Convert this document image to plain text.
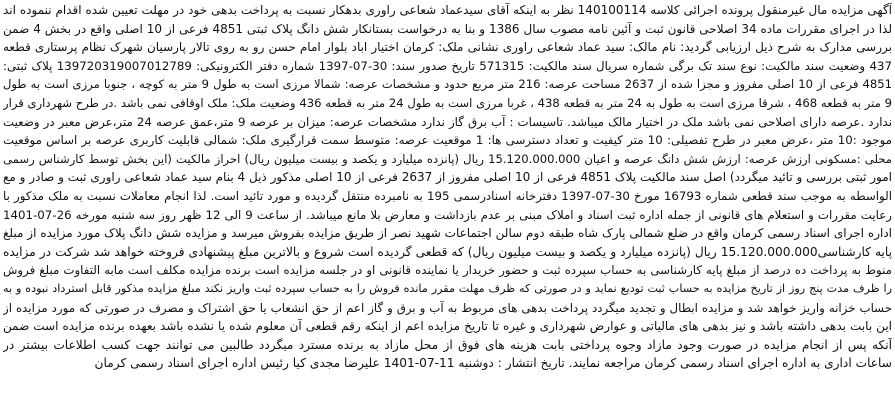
آگهی مزایده مال غیرمنقول پرونده اجرائی کلاسه 140100114 نظر به اینکه آقای سیدعماد شعاعی راوری بدهکار نسبت به پرداخت بدهی خود در مهلت تعیین شده اقدام ننموده اند
لذا در اجرای مقررات ماده 34 اصلاحی قانون ثبت و آئین نامه مصوب سال 1386 و بنا به درخواست بستانکار شش دانگ پلاک ثبتی 4851 فرعی از 10 اصلی واقع در بخش 4 ضمن
بررسی مدارک به شرح ذیل ارزیابی گردید: نام مالک: سید عماد شعاعی راوری نشانی ملک: کرمان اختیار اباد بلوار امام حسن رو به روی تالار پارسیان شهرک نظام پرستاری قطعه
437 وضعیت سند مالکیت: نوع سند تک برگی شماره سریال سند مالکیت: 571315 تاریخ صدور سند: 30-07-1397 شماره دفتر الکترونیکی: 139720319007012789 پلاک ثبتی:
4851 فرعی از 10 اصلی مفروز و مجزا شده از 2637 مساحت عرصه: 216 متر مربع حدود و مشخصات عرصه: شمالا مرزی است به طول 9 متر به کوچه ، جنوبا مرزی است به طول
9 متر به قطعه 468 ، شرقا مرزی است به طول به 24 متر به قطعه 438 ، غربا مرزی است به طول 24 متر به قطعه 436 وضعیت ملک: ملک اوقافی نمی باشد .در طرح شهرداری قرار
ندارد .عرصه دارای اصلاحی نمی باشد ملک در اختیار مالک میباشد. تاسیسات : آب برق گاز ندارد مشخصات عرصه: میزان بر عرصه 9 متر،عمق عرصه 24 متر،عرض معبر در وضعیت
موجود :10 متر ،عرض معبر در طرح تفصیلی: 10 متر کیفیت و تعداد دسترسی ها: 1 موقعیت عرصه: متوسط سمت قرارگیری ملک: شمالی قابلیت کاربری عرصه بر اساس موقعیت
محلی :مسکونی ارزش عرصه: ارزش شش دانگ عرصه و اعیان 15.120.000.000 ریال (پانزده میلیارد و یکصد و بیست میلیون ریال) احراز مالکیت (این بخش توسط کارشناس رسمی
امور ثبتی بررسی و تائید میگردد) اصل سند مالکیت پلاک 4851 فرعی از 10 اصلی مفروز از 2637 فرعی از 10 اصلی مذکور ذیل 4 بنام سید عماد شعاعی راوری ثبت و صادر و مع
الواسطه به موجب سند قطعی شماره 16793 مورخ 30-07-1397 دفترخانه اسنادرسمی 195 به نامبرده منتقل گردیده و مورد تائید است. لذا انجام معاملات نسبت به ملک مذکور با
رعایت مقررات و استعلام های قانونی از جمله اداره ثبت اسناد و املاک مبنی بر عدم بازداشت و معارض بلا مانع میباشد. از ساعت 9 الی 12 ظهر روز سه شنبه مورخه 26-07-1401
اداره اجرای اسناد رسمی کرمان واقع در ضلع شمالی پارک شاه طبقه دوم سالن اجتماعات شهید نصر از طریق مزایده بفروش میرسد و مزایده شش دانگ پلاک مورد مزایده از مبلغ
پایه کارشناسی15.120.000.000 ریال (پانزده میلیارد و یکصد و بیست میلیون ریال) که قطعی گردیده است شروع و بالاترین مبلغ پیشنهادی فروخته خواهد شد شرکت در مزایده
منوط به پرداخت ده درصد از مبلغ پایه کارشناسی به حساب سپرده ثبت و حضور خریدار یا نماینده قانونی او در جلسه مزایده است برنده مزایده مکلف است مابه التفاوت مبلغ فروش
را ظرف مدت پنج روز از تاریخ مزایده به حساب ثبت تودیع نماید و در صورتی که ظرف مهلت مقرر مانده فروش را به حساب سپرده ثبت واریز نکند مبلغ مزایده مذکور قابل استرداد نبوده و به
حساب خزانه واریز خواهد شد و مزایده ابطال و تجدید میگردد پرداخت بدهی های مربوط به آب و برق و گاز اعم از حق انشعاب یا حق اشتراک و مصرف در صورتی که مورد مزایده از
این بابت بدهی داشته باشد و نیز بدهی های مالیاتی و عوارض شهرداری و غیره تا تاریخ مزایده اعم از اینکه رقم قطعی آن معلوم شده یا نشده باشد بعهده برنده مزایده است ضمن
آنکه پس از انجام مزایده در صورت وجود مازاد وجوه پرداختی بابت هزینه های فوق از محل مازاد به برنده مسترد میگردد طالبین می توانند جهت کسب اطلاعات بیشتر در
ساعات اداری به اداره اجرای اسناد رسمی کرمان مراجعه نمایند. تاریخ انتشار : دوشنبه 11-07-1401 علیرضا مجدی کیا رئیس اداره اجرای اسناد رسمی کرمان
